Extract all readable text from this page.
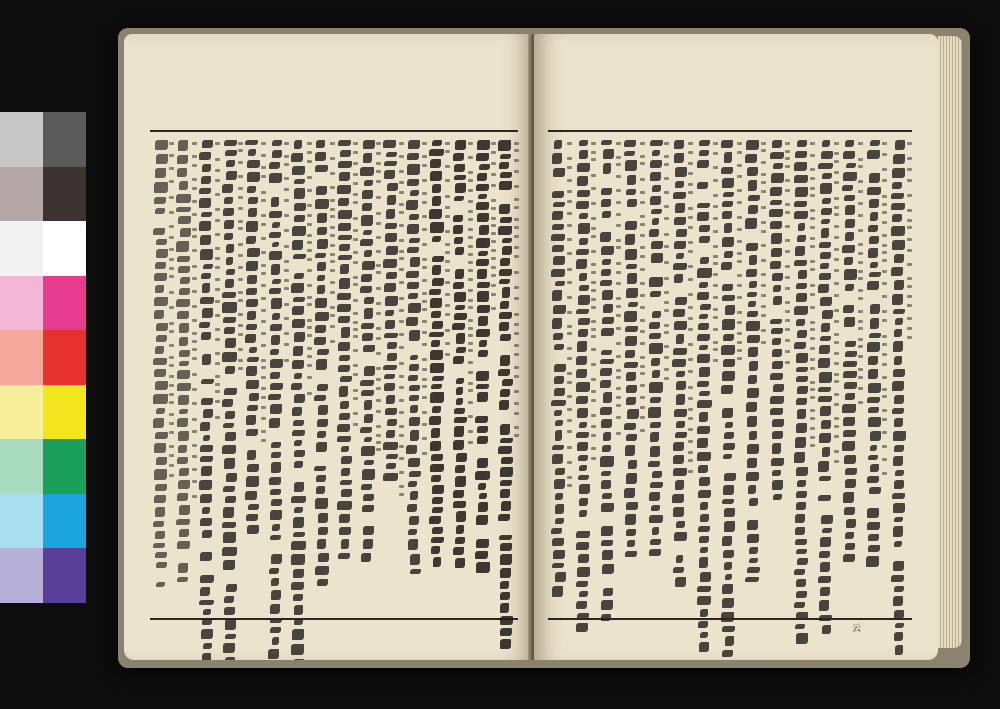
云
